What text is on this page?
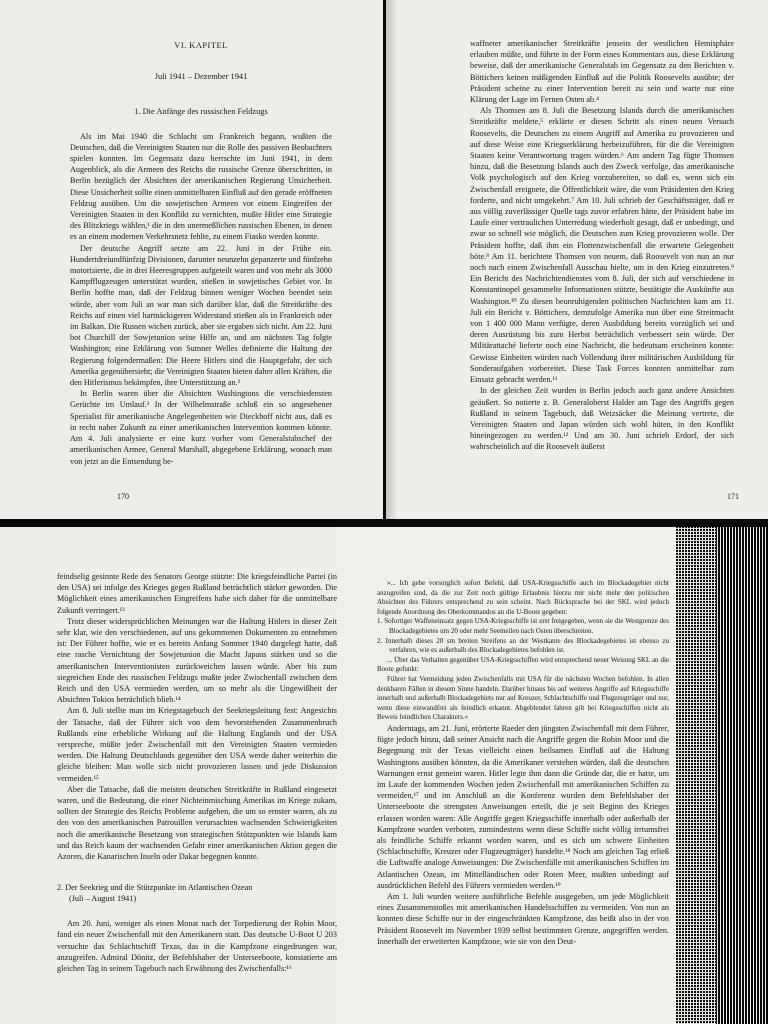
VI. KAPITEL
Juli 1941 – Dezember 1941
1. Die Anfänge des russischen Feldzugs

Als im Mai 1940 die Schlacht um Frankreich begann, wußten die Deutschen, daß die Vereinigten Staaten nur die Rolle des passiven Beobachters spielen konnten. Im Gegensatz dazu herrschte im Juni 1941, in dem Augenblick, als die Armeen des Reichs die russische Grenze überschritten, in Berlin bezüglich der Absichten der amerikanischen Regierung Unsicherheit. Diese Unsicherheit sollte einen unmittelbaren Einfluß auf den gerade eröffneten Feldzug ausüben. Um die sowjetischen Armeen vor einem Eingreifen der Vereinigten Staaten in den Konflikt zu vernichten, mußte Hitler eine Strategie des Blitzkriegs wählen,¹ die in den unermeßlichen russischen Ebenen, in denen es an einem modernen Verkehrsnetz fehlte, zu einem Fiasko werden konnte.

Der deutsche Angriff setzte am 22. Juni in der Frühe ein. Hundertdreiundfünfzig Divisionen, darunter neunzehn gepanzerte und fünfzehn motorisierte, die in drei Heeresgruppen aufgeteilt waren und von mehr als 3000 Kampfflugzeugen unterstützt wurden, stießen in sowjetisches Gebiet vor. In Berlin hoffte man, daß der Feldzug binnen weniger Wochen beendet sein würde, aber vom Juli an war man sich darüber klar, daß die Streitkräfte des Reichs auf einen viel hartnäckigeren Widerstand stießen als in Frankreich oder im Balkan. Die Russen wichen zurück, aber sie ergaben sich nicht. Am 22. Juni bot Churchill der Sowjetunion seine Hilfe an, und am nächsten Tag folgte Washington; eine Erklärung von Sumner Welles definierte die Haltung der Regierung folgendermaßen: Die Heere Hitlers sind die Hauptgefahr, der sich Amerika gegenübersieht; die Vereinigten Staaten bieten daher allen Kräften, die den Hitlerismus bekämpfen, ihre Unterstützung an.²

In Berlin waren über die Absichten Washingtons die verschiedensten Gerüchte im Umlauf.³ In der Wilhelmstraße schloß ein so angesehener Spezialist für amerikanische Angelegenheiten wie Dieckhoff nicht aus, daß es in recht naher Zukunft zu einer amerikanischen Intervention kommen könnte. Am 4. Juli analysierte er eine kurz vorher vom Generalstabschef der amerikanischen Armee, General Marshall, abgegebene Erklärung, wonach man von jetzt an die Entsendung be-

170

waffneter amerikanischer Streitkräfte jenseits der westlichen Hemisphäre erlauben müßte, und führte in der Form eines Kommentars aus, diese Erklärung beweise, daß der amerikanische Generalstab im Gegensatz zu den Berichten v. Böttichers keinen mäßigenden Einfluß auf die Politik Roosevelts ausübte; der Präsident scheine zu einer Intervention bereit zu sein und warte nur eine Klärung der Lage im Fernen Osten ab.⁴

Als Thomsen am 8. Juli die Besetzung Islands durch die amerikanischen Streitkräfte meldete,⁵ erklärte er diesen Schritt als einen neuen Versuch Roosevelts, die Deutschen zu einem Angriff auf Amerika zu provozieren und auf diese Weise eine Kriegserklärung herbeizuführen, für die die Vereinigten Staaten keine Verantwortung tragen würden.⁶ Am andern Tag fügte Thomsen hinzu, daß die Besetzung Islands auch den Zweck verfolge, das amerikanische Volk psychologisch auf den Krieg vorzubereiten, so daß es, wenn sich ein Zwischenfall ereignete, die Öffentlichkeit wäre, die vom Präsidenten den Krieg forderte, und nicht umgekehrt.⁷ Am 10. Juli schrieb der Geschäftsträger, daß er aus völlig zuverlässiger Quelle tags zuvor erfahren hätte, der Präsident habe im Laufe einer vertraulichen Unterredung wiederholt gesagt, daß er unbedingt, und zwar so schnell wie möglich, die Deutschen zum Krieg provozieren wolle. Der Präsident hoffte, daß ihm ein Flottenzwischenfall die erwartete Gelegenheit böte.⁸ Am 11. berichtete Thomsen von neuem, daß Roosevelt von nun an nur noch nach einem Zwischenfall Ausschau hielte, um in den Krieg einzutreten.⁹ Ein Bericht des Nachrichtendienstes vom 8. Juli, der sich auf verschiedene in Konstantinopel gesammelte Informationen stützte, bestätigte die Auskünfte aus Washington.¹⁰ Zu diesen beunruhigenden politischen Nachrichten kam am 11. Juli ein Bericht v. Böttichers, demzufolge Amerika nun über eine Streitmacht von 1 400 000 Mann verfügte, deren Ausbildung bereits vorzüglich sei und deren Ausrüstung bis zum Herbst beträchtlich verbessert sein würde. Der Militärattaché lieferte noch eine Nachricht, die bedeutsam erscheinen konnte: Gewisse Einheiten würden nach Vollendung ihrer militärischen Ausbildung für Sonderaufgaben vorbereitet. Diese Task Forces konnten unmittelbar zum Einsatz gebracht werden.¹¹

In der gleichen Zeit wurden in Berlin jedoch auch ganz andere Ansichten geäußert. So notierte z. B. Generaloberst Halder am Tage des Angriffs gegen Rußland in seinem Tagebuch, daß Weizsäcker die Meinung vertrete, die Vereinigten Staaten und Japan würden sich wohl hüten, in den Konflikt hineingezogen zu werden.¹² Und am 30. Juni schrieb Erdorf, der sich wahrscheinlich auf die Roosevelt äußerst

171

feindselig gesinnte Rede des Senators George stützte: Die kriegsfeindliche Partei (in den USA) sei infolge des Krieges gegen Rußland beträchtlich stärker geworden. Die Möglichkeit eines amerikanischen Eingreifens habe sich daher für die unmittelbare Zukunft verringert.¹³

Trotz dieser widersprüchlichen Meinungen war die Haltung Hitlers in dieser Zeit sehr klar, wie den verschiedenen, auf uns gekommenen Dokumenten zu entnehmen ist: Der Führer hoffte, wie er es bereits Anfang Sommer 1940 dargelegt hatte, daß eine rasche Vernichtung der Sowjetunion die Macht Japans stärken und so die amerikanischen Interventionisten zurückweichen lassen würde. Aber bis zum siegreichen Ende des russischen Feldzugs mußte jeder Zwischenfall zwischen dem Reich und den USA vermieden werden, um so mehr als die Ungewißheit der Absichten Tokios beträchtlich blieb.¹⁴

Am 8. Juli stellte man im Kriegstagebuch der Seekriegsleitung fest: Angesichts der Tatsache, daß der Führer sich von dem bevorstehenden Zusammenbruch Rußlands eine erhebliche Wirkung auf die Haltung Englands und der USA verspreche, müßte jeder Zwischenfall mit den Vereinigten Staaten vermieden werden. Die Haltung Deutschlands gegenüber den USA werde daher weiterhin die gleiche bleiben: Man wolle sich nicht provozieren lassen und jede Diskussion vermeiden.¹⁵

Aber die Tatsache, daß die meisten deutschen Streitkräfte in Rußland eingesetzt waren, und die Bedeutung, die einer Nichteinmischung Amerikas im Kriege zukam, sollten der Strategie des Reichs Probleme aufgeben, die um so ernster waren, als zu den von den amerikanischen Patrouillen verursachten wachsenden Schwierigkeiten noch die amerikanische Besetzung von strategischen Stützpunkten wie Islands kam und das Reich kaum der wachsenden Gefahr einer amerikanischen Aktion gegen die Azoren, die Kanarischen Inseln oder Dakar begegnen konnte.

2. Der Seekrieg und die Stützpunkte im Atlantischen Ozean
(Juli – August 1941)

Am 20. Juni, weniger als einen Monat nach der Torpedierung der Robin Moor, fand ein neuer Zwischenfall mit den Amerikanern statt. Das deutsche U-Boot U 203 versuchte das Schlachtschiff Texas, das in die Kampfzone eingedrungen war, anzugreifen. Admiral Dönitz, der Befehlshaber der Unterseeboote, konstatierte am gleichen Tag in seinem Tagebuch nach Erwähnung des Zwischenfalls:¹⁶

»... Ich gebe vorsorglich sofort Befehl, daß USA-Kriegsschiffe auch im Blockadegebiet nicht anzugreifen sind, da die zur Zeit noch gültige Erlaubnis hierzu mir nicht mehr den politischen Absichten des Führers entsprechend zu sein scheint. Nach Rücksprache bei der SKL wird jedoch folgende Anordnung des Oberkommandos an die U-Boote gegeben:

1. Sofortiger Waffeneinsatz gegen USA-Kriegsschiffe ist erst freigegeben, wenn sie die Westgrenze des Blockadegebietes um 20 oder mehr Seemeilen nach Osten überschreiten.

2. Innerhalb dieses 20 sm breiten Streifens an der Westkante des Blockadegebietes ist ebenso zu verfahren, wie es außerhalb des Blockadegebietes befohlen ist.

... Über das Verhalten gegenüber USA-Kriegsschiffen wird entsprechend neuer Weisung SKL an die Boote gefunkt:

Führer hat Vermeidung jeden Zwischenfalls mit USA für die nächsten Wochen befohlen. In allen denkbaren Fällen in diesem Sinne handeln. Darüber hinaus bis auf weiteres Angriffe auf Kriegsschiffe innerhalb und außerhalb Blockadegebiets nur auf Kreuzer, Schlachtschiffe und Flugzeugträger und nur, wenn diese einwandfrei als feindlich erkannt. Abgeblendet fahren gilt bei Kriegsschiffen nicht als Beweis feindlichen Charakters.«

Anderntags, am 21. Juni, erörterte Raeder den jüngsten Zwischenfall mit dem Führer, fügte jedoch hinzu, daß seiner Ansicht nach die Angriffe gegen die Robin Moor und die Begegnung mit der Texas vielleicht einen heilsamen Einfluß auf die Haltung Washingtons ausüben könnten, da die Amerikaner verstehen würden, daß die deutschen Warnungen ernst gemeint waren. Hitler legte ihm dann die Gründe dar, die er hatte, um im Laufe der kommenden Wochen jeden Zwischenfall mit amerikanischen Schiffen zu vermeiden,¹⁷ und im Anschluß an die Konferenz wurden dem Befehlshaber der Unterseeboote die strengsten Anweisungen erteilt, die je seit Beginn des Krieges erlassen worden waren: Alle Angriffe gegen Kriegsschiffe innerhalb oder außerhalb der Kampfzone wurden verboten, zumindestens wenn diese Schiffe nicht völlig irrtumsfrei als feindliche Schiffe erkannt worden waren, und es sich um schwere Einheiten (Schlachtschiffe, Kreuzer oder Flugzeugträger) handelte.¹⁸ Noch am gleichen Tag erließ die Luftwaffe analoge Anweisungen: Die Zwischenfälle mit amerikanischen Schiffen im Atlantischen Ozean, im Mittelländischen oder Roten Meer, mußten unbedingt auf ausdrücklichen Befehl des Führers vermieden werden.¹⁹

Am 1. Juli wurden weitere ausführliche Befehle ausgegeben, um jede Möglichkeit eines Zusammenstoßes mit amerikanischen Handelsschiffen zu vermeiden. Von nun an konnten diese Schiffe nur in der eingeschränkten Kampfzone, das heißt also in der von Präsident Roosevelt im November 1939 selbst bestimmten Grenze, angegriffen werden. Innerhalb der erweiterten Kampfzone, wie sie von den Deut-
